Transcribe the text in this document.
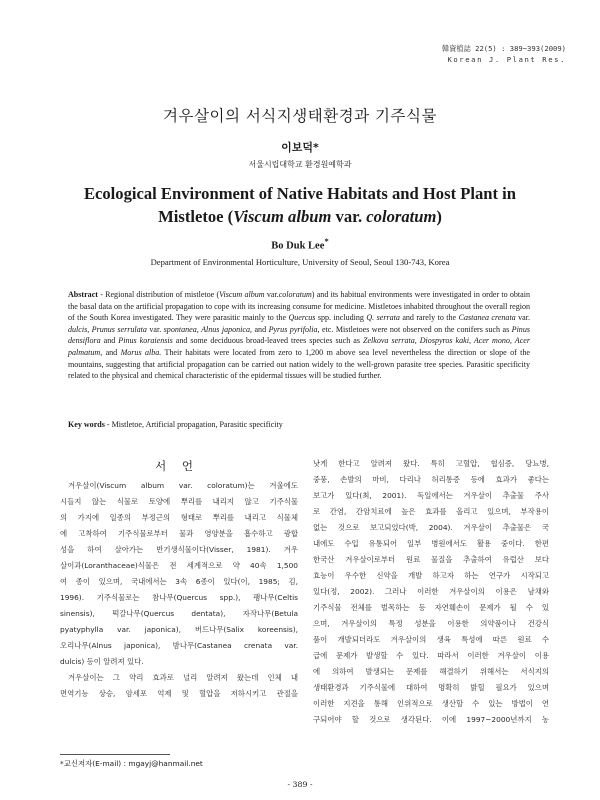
韓資植誌 22(5) : 389~393(2009)
Korean J. Plant Res.
겨우살이의 서식지생태환경과 기주식물
이보덕*
서울시립대학교 환경원예학과
Ecological Environment of Native Habitats and Host Plant in
Mistletoe (Viscum album var. coloratum)
Bo Duk Lee*
Department of Environmental Horticulture, University of Seoul, Seoul 130-743, Korea
Abstract - Regional distribution of mistletoe (Viscum album var.coloratum) and its habitual environments were investigated in order to obtain the basal data on the artificial propagation to cope with its increasing consume for medicine. Mistletoes inhabited throughout the overall region of the South Korea investigated. They were parasitic mainly to the Quercus spp. including Q. serrata and rarely to the Castanea crenata var. dulcis, Prunus serrulata var. spontanea, Alnus japonica, and Pyrus pyrifolia, etc. Mistletoes were not observed on the conifers such as Pinus densiflora and Pinus koraiensis and some deciduous broad-leaved trees species such as Zelkova serrata, Diospyros kaki, Acer mono, Acer palmatum, and Morus alba. Their habitats were located from zero to 1,200 m above sea level nevertheless the direction or slope of the mountains, suggesting that artificial propagation can be carried out nation widely to the well-grown parasite tree species. Parasitic specificity related to the physical and chemical characteristic of the epidermal tissues will be studied further.
Key words - Mistletoe, Artificial propagation, Parasitic specificity
서 언
겨우살이(Viscum album var. coloratum)는 겨울에도
시들지 않는 식물로 토양에 뿌리를 내리지 않고 기주식물
의 가지에 일종의 부정근의 형태로 뿌리를 내리고 식물체
에 고착하여 기주식물로부터 물과 영양분을 흡수하고 광합
성을 하여 살아가는 반기생식물이다(Visser, 1981). 겨우
살이과(Loranthaceae)식물은 전 세계적으로 약 40속 1,500
여 종이 있으며, 국내에서는 3속 6종이 있다(이, 1985; 김,
1996). 기주식물로는 참나무(Quercus spp.), 팽나무(Celtis
sinensis), 떡갈나무(Quercus dentata), 자작나무(Betula
pyatyphylla var. japonica), 버드나무(Salix koreensis),
오리나무(Alnus japonica), 밤나무(Castanea crenata var.
dulcis) 등이 알려져 있다.
겨우살이는 그 약리 효과로 널리 알려져 왔는데 인체 내
면역기능 상승, 암세포 억제 및 혈압을 저하시키고 관절을
낫게 한다고 알려져 왔다. 특히 고혈압, 협심증, 당뇨병,
중풍, 손발의 마비, 다리나 허리통증 등에 효과가 좋다는
보고가 있다(최, 2001). 독일에서는 겨우살이 추출물 주사
로 간염, 간암치료에 높은 효과를 올리고 있으며, 부작용이
없는 것으로 보고되었다(박, 2004). 겨우살이 추출물은 국
내에도 수입 유통되어 일부 병원에서도 활용 중이다. 한편
한국산 겨우살이로부터 원료 물질을 추출하여 유럽산 보다
효능이 우수한 신약을 개발 하고자 하는 연구가 시작되고
있다(정, 2002). 그러나 이러한 겨우살이의 이용은 남채와
기주식물 전체를 벌목하는 등 자연훼손이 문제가 될 수 있
으며, 겨우살이의 특정 성분을 이용한 의약품이나 건강식
품이 개발되더라도 겨우살이의 생육 특성에 따른 원료 수
급에 문제가 발생할 수 있다. 따라서 이러한 겨우살이 이용
에 의하여 발생되는 문제를 해결하기 위해서는 서식지의
생태환경과 기주식물에 대하여 명확히 밝힐 필요가 있으며
이러한 지견을 통해 인위적으로 생산할 수 있는 방법이 연
구되어야 할 것으로 생각된다. 이에 1997~2000년까지 농
*교신저자(E-mail) : mgayj@hanmail.net
- 389 -
